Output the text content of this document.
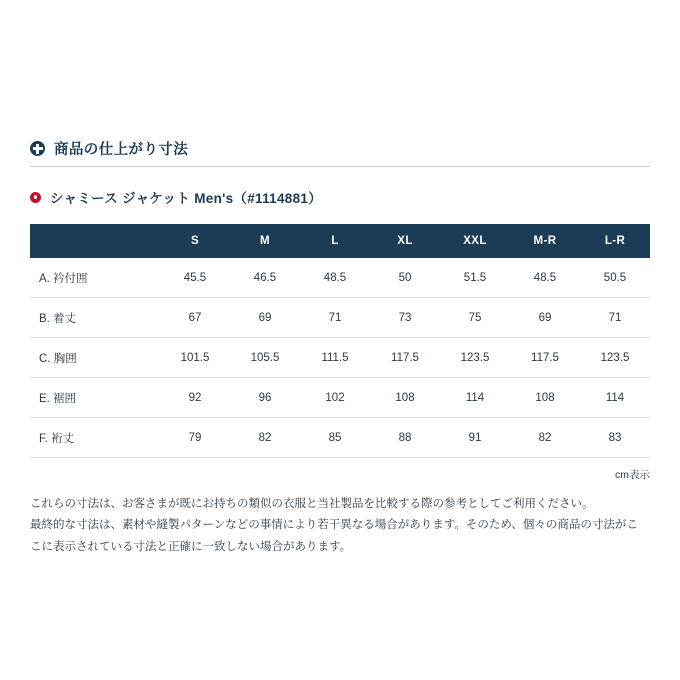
商品の仕上がり寸法
シャミース ジャケット Men's（#1114881）
	S	M	L	XL	XXL	M-R	L-R
A. 衿付囲	45.5	46.5	48.5	50	51.5	48.5	50.5
B. 着丈	67	69	71	73	75	69	71
C. 胸囲	101.5	105.5	111.5	117.5	123.5	117.5	123.5
E. 裾囲	92	96	102	108	114	108	114
F. 裄丈	79	82	85	88	91	82	83
cm表示

これらの寸法は、お客さまが既にお持ちの類似の衣服と当社製品を比較する際の参考としてご利用ください。

最終的な寸法は、素材や縫製パターンなどの事情により若干異なる場合があります。そのため、個々の商品の寸法がこ

こに表示されている寸法と正確に一致しない場合があります。
